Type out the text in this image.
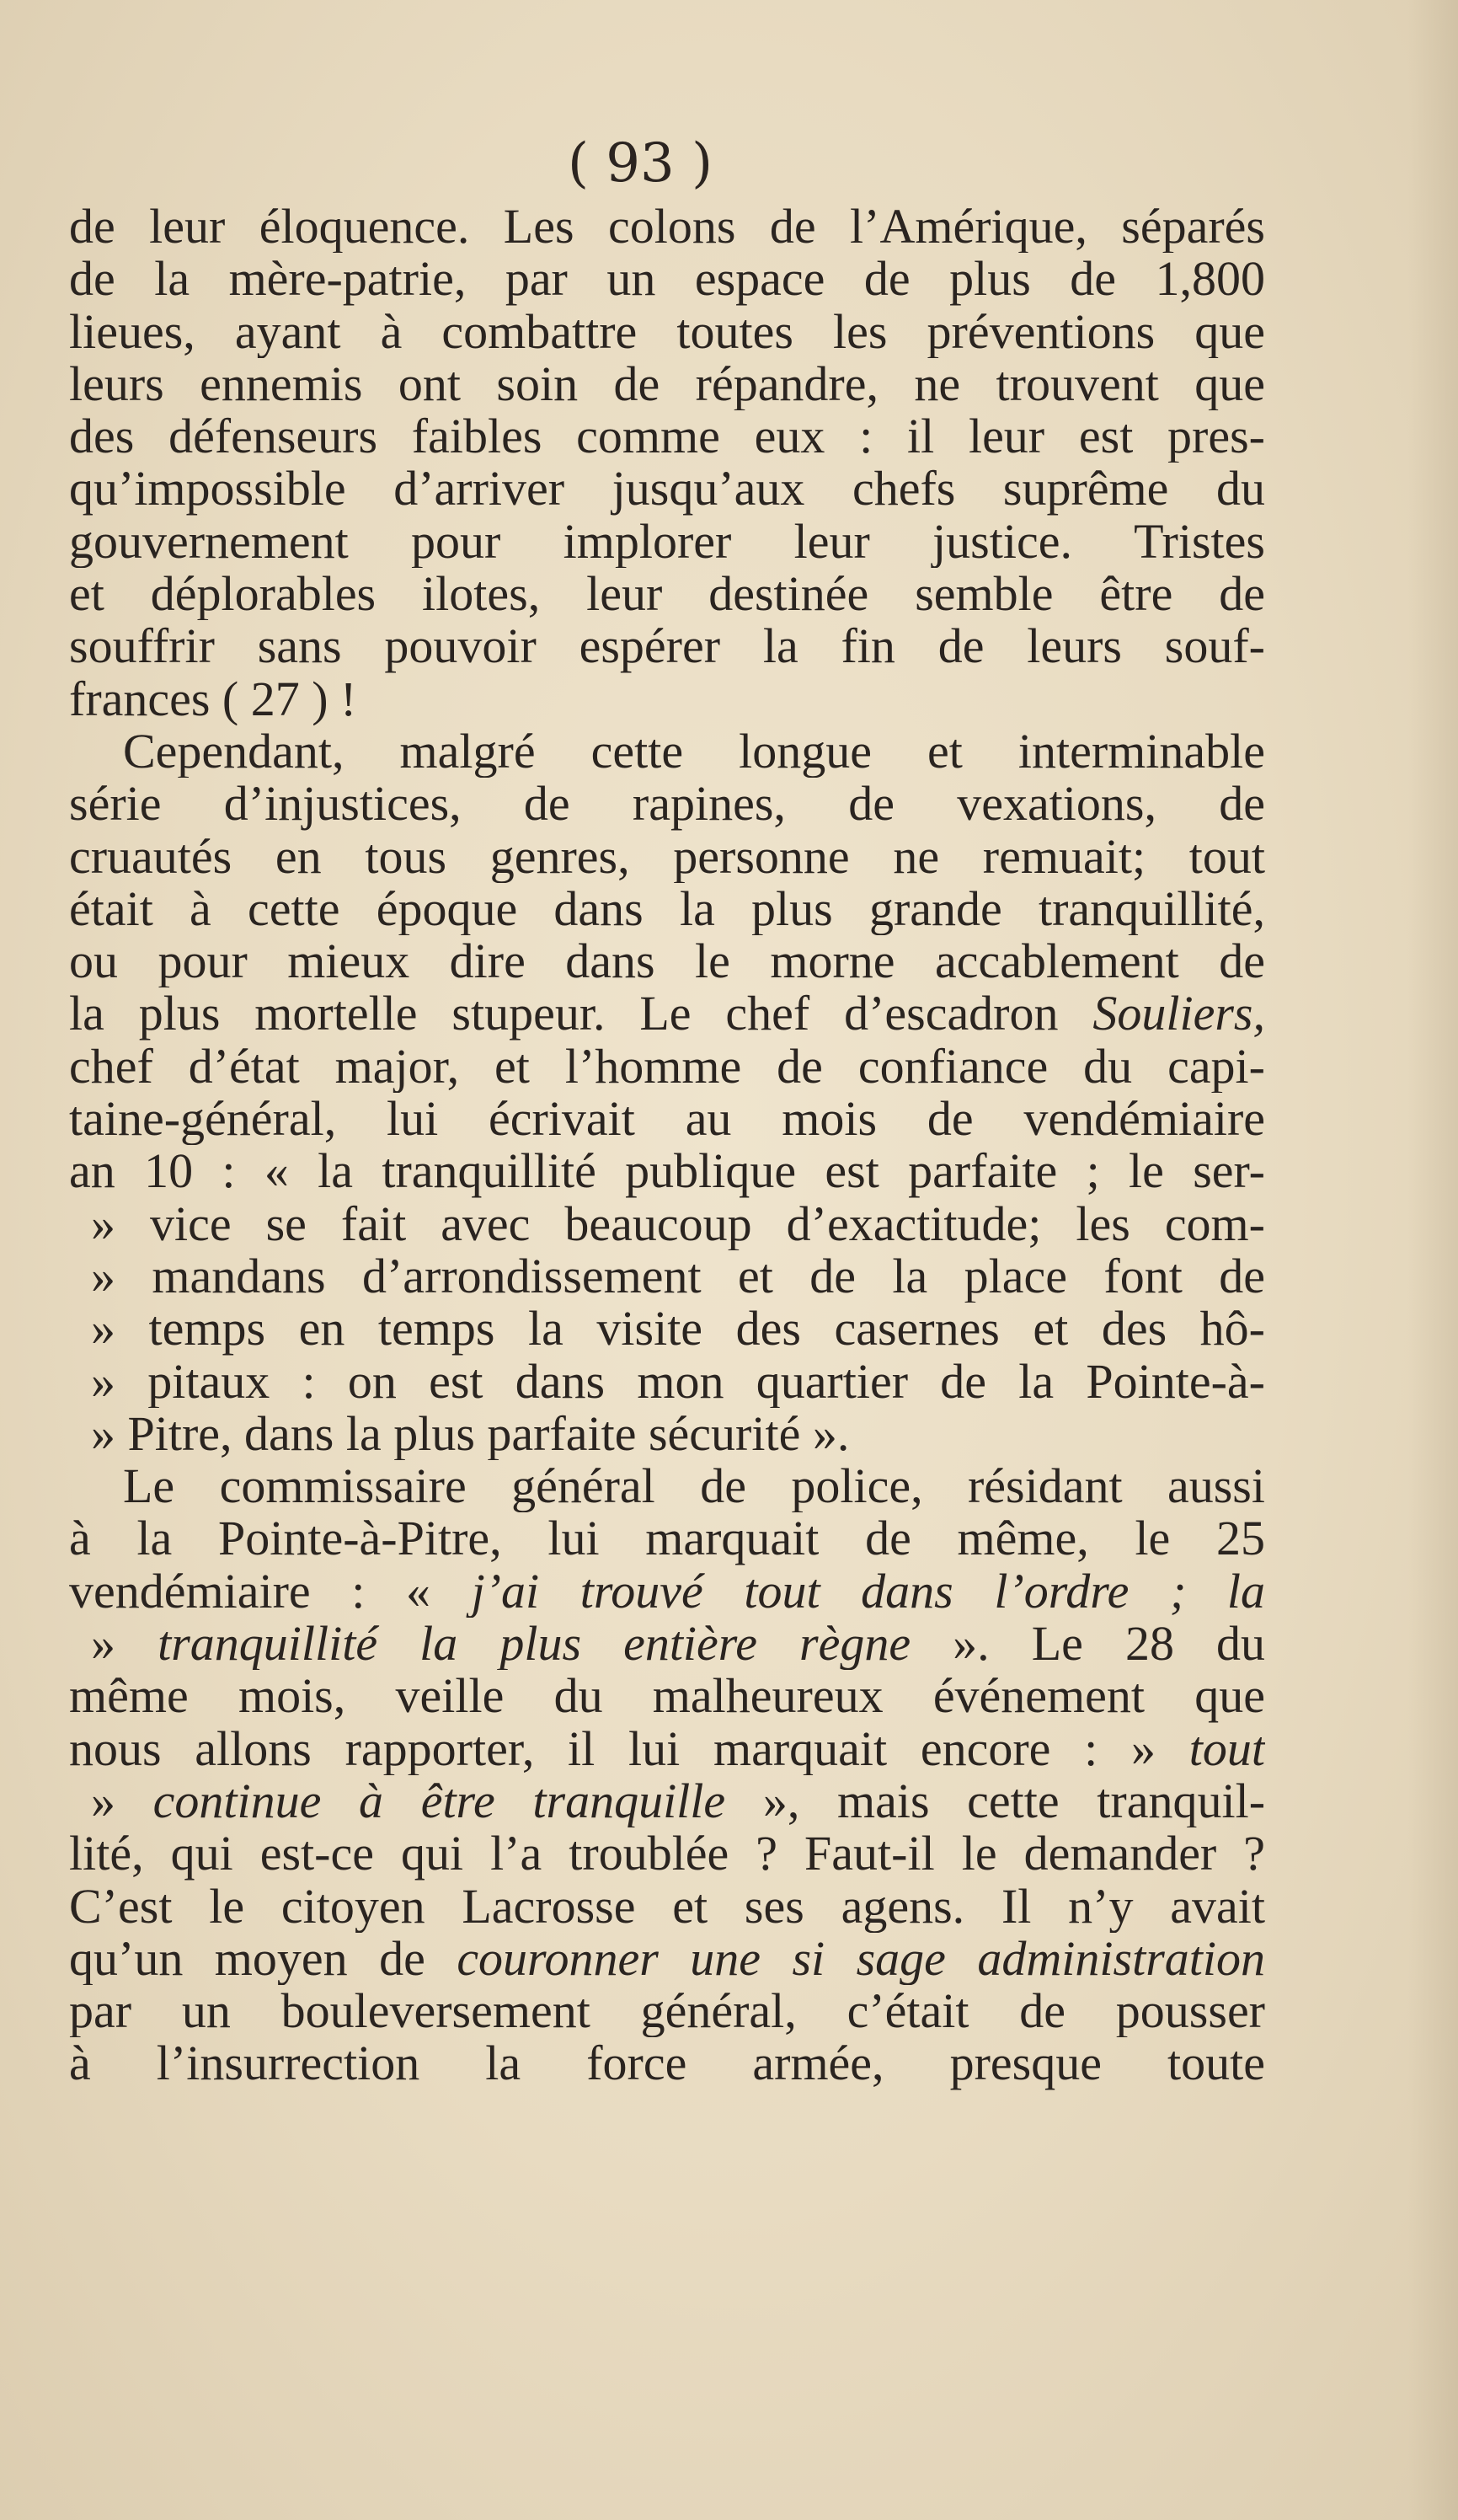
( 93 )
de leur éloquence. Les colons de l’Amérique, séparés
de la mère-patrie, par un espace de plus de 1,800
lieues, ayant à combattre toutes les préventions que
leurs ennemis ont soin de répandre, ne trouvent que
des défenseurs faibles comme eux : il leur est pres-
qu’impossible d’arriver jusqu’aux chefs suprême du
gouvernement pour implorer leur justice. Tristes
et déplorables ilotes, leur destinée semble être de
souffrir sans pouvoir espérer la fin de leurs souf-
frances ( 27 ) !
Cependant, malgré cette longue et interminable
série d’injustices, de rapines, de vexations, de
cruautés en tous genres, personne ne remuait; tout
était à cette époque dans la plus grande tranquillité,
ou pour mieux dire dans le morne accablement de
la plus mortelle stupeur. Le chef d’escadron Souliers,
chef d’état major, et l’homme de confiance du capi-
taine-général, lui écrivait au mois de vendémiaire
an 10 : « la tranquillité publique est parfaite ; le ser-
» vice se fait avec beaucoup d’exactitude; les com-
» mandans d’arrondissement et de la place font de
» temps en temps la visite des casernes et des hô-
» pitaux : on est dans mon quartier de la Pointe-à-
» Pitre, dans la plus parfaite sécurité ».
Le commissaire général de police, résidant aussi
à la Pointe-à-Pitre, lui marquait de même, le 25
vendémiaire : « j’ai trouvé tout dans l’ordre ; la
» tranquillité la plus entière règne ». Le 28 du
même mois, veille du malheureux événement que
nous allons rapporter, il lui marquait encore : » tout
» continue à être tranquille », mais cette tranquil-
lité, qui est-ce qui l’a troublée ? Faut-il le demander ?
C’est le citoyen Lacrosse et ses agens. Il n’y avait
qu’un moyen de couronner une si sage administration
par un bouleversement général, c’était de pousser
à l’insurrection la force armée, presque toute
